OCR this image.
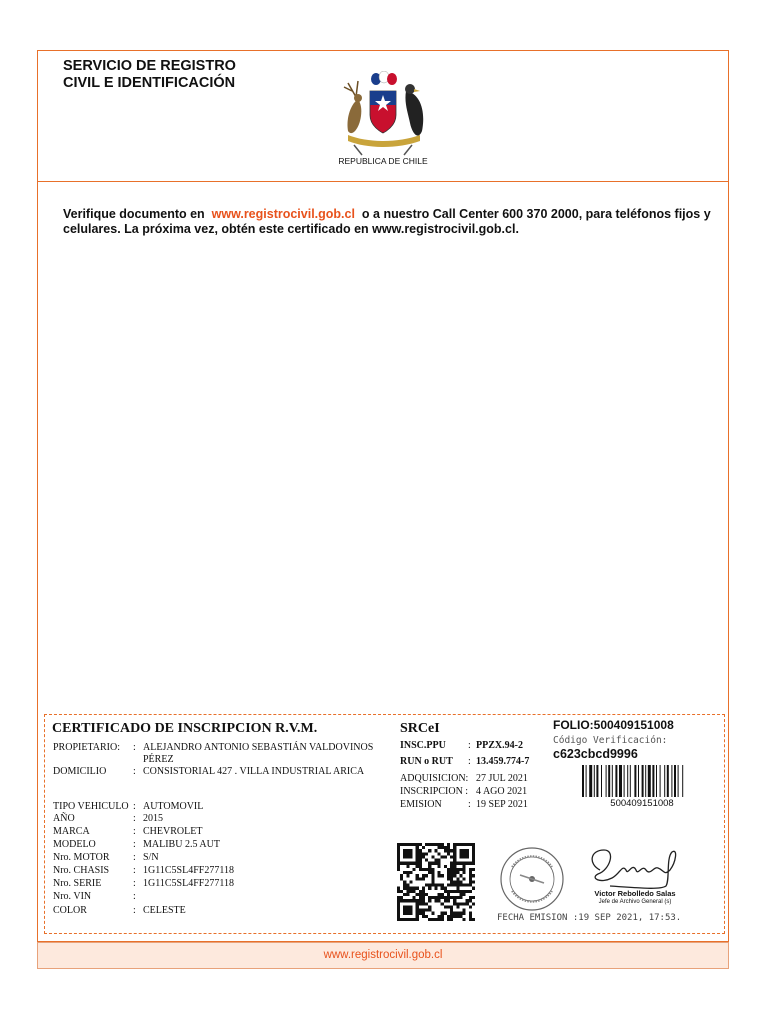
SERVICIO DE REGISTRO
CIVIL E IDENTIFICACIÓN
REPUBLICA DE CHILE
Verifique documento en www.registrocivil.gob.cl o a nuestro Call Center 600 370 2000, para teléfonos fijos y celulares. La próxima vez, obtén este certificado en www.registrocivil.gob.cl.
CERTIFICADO DE INSCRIPCION R.V.M.
PROPIETARIO:	: ALEJANDRO ANTONIO SEBASTIÁN VALDOVINOS PÉREZ
DOMICILIO	: CONSISTORIAL 427 . VILLA INDUSTRIAL ARICA
TIPO VEHICULO : AUTOMOVIL
AÑO	: 2015
MARCA	: CHEVROLET
MODELO	: MALIBU 2.5 AUT
Nro. MOTOR	: S/N
Nro. CHASIS	: 1G11C5SL4FF277118
Nro. SERIE	: 1G11C5SL4FF277118
Nro. VIN	:
COLOR	: CELESTE
SRCeI
INSC.PPU	: PPZX.94-2
RUN o RUT	: 13.459.774-7
ADQUISICION: 27 JUL 2021
INSCRIPCION : 4 AGO 2021
EMISION	: 19 SEP 2021
FOLIO:500409151008
Código Verificación:
c623cbcd9996
500409151008
Victor Rebolledo Salas
Jefe de Archivo General (s)
FECHA EMISION :19 SEP 2021, 17:53.
www.registrocivil.gob.cl
